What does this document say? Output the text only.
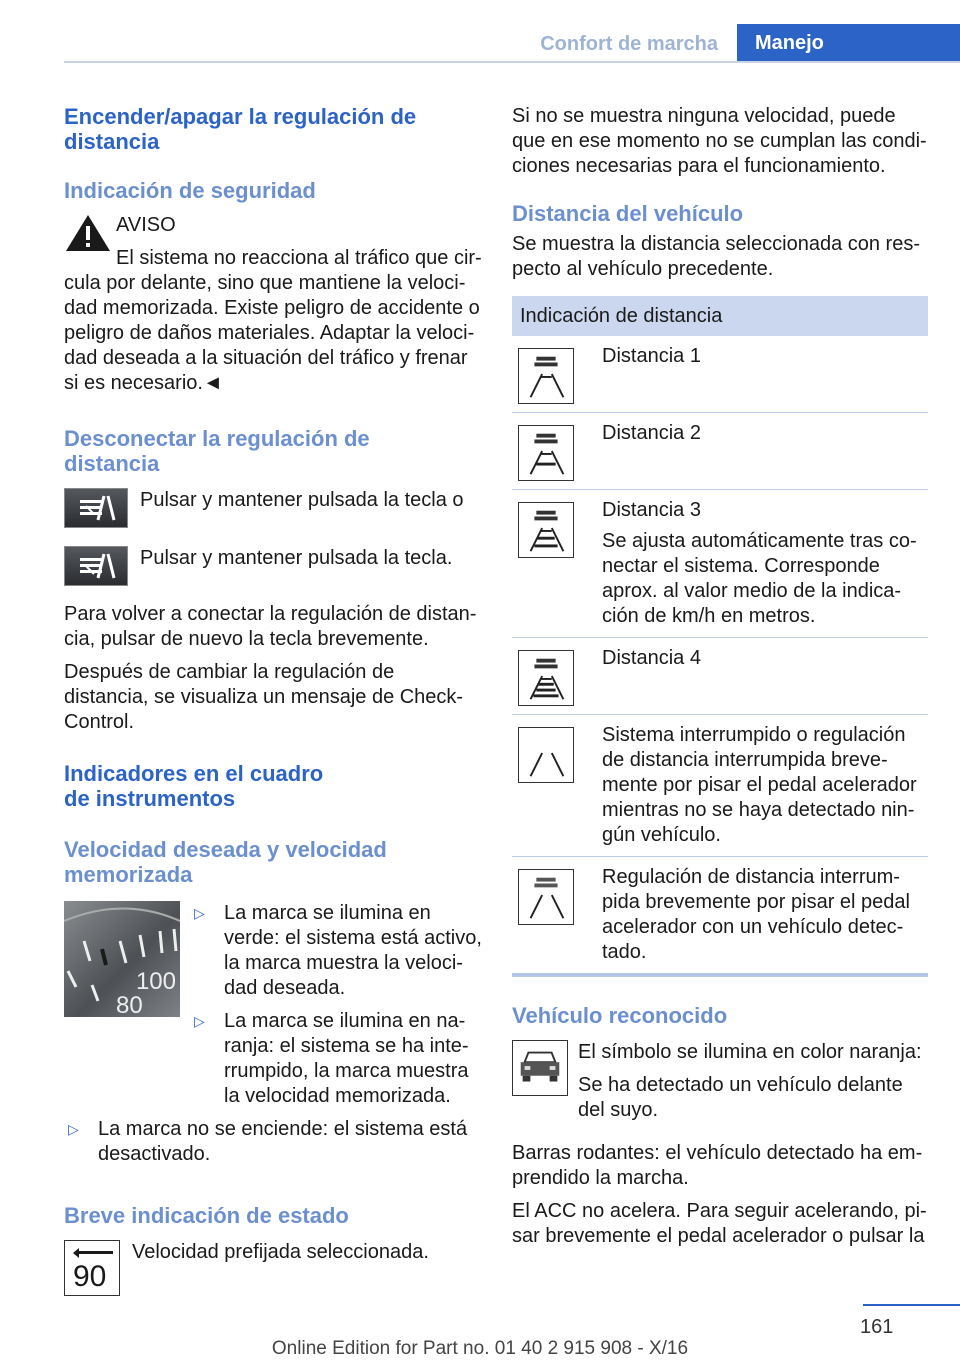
Confort de marcha	Manejo
Encender/apagar la regulación de distancia
Indicación de seguridad

AVISO

El sistema no reacciona al tráfico que cir-

cula por delante, sino que mantiene la veloci-dad memorizada. Existe peligro de accidente o peligro de daños materiales. Adaptar la veloci-dad deseada a la situación del tráfico y frenar si es necesario.◄

Desconectar la regulación de distancia

Pulsar y mantener pulsada la tecla o

Pulsar y mantener pulsada la tecla.

Para volver a conectar la regulación de distan-cia, pulsar de nuevo la tecla brevemente.

Después de cambiar la regulación de distancia, se visualiza un mensaje de Check-Control.

Indicadores en el cuadro de instrumentos
Velocidad deseada y velocidad memorizada
100
80
▷ La marca se ilumina en verde: el sistema está activo, la marca muestra la veloci-dad deseada.

▷ La marca se ilumina en na-ranja: el sistema se ha inte-rrumpido, la marca muestra la velocidad memorizada.

▷ La marca no se enciende: el sistema está desactivado.

Breve indicación de estado
90

Velocidad prefijada seleccionada.

Si no se muestra ninguna velocidad, puede que en ese momento no se cumplan las condi-ciones necesarias para el funcionamiento.

Distancia del vehículo

Se muestra la distancia seleccionada con res-pecto al vehículo precedente.

Indicación de distancia

Distancia 1

Distancia 2

Distancia 3

Se ajusta automáticamente tras co-nectar el sistema. Corresponde aprox. al valor medio de la indica-ción de km/h en metros.

Distancia 4

Sistema interrumpido o regulación de distancia interrumpida breve-mente por pisar el pedal acelerador mientras no se haya detectado nin-gún vehículo.

Regulación de distancia interrum-pida brevemente por pisar el pedal acelerador con un vehículo detec-tado.

Vehículo reconocido

El símbolo se ilumina en color naranja:

Se ha detectado un vehículo delante del suyo.

Barras rodantes: el vehículo detectado ha em-prendido la marcha.

El ACC no acelera. Para seguir acelerando, pi-sar brevemente el pedal acelerador o pulsar la

161
Online Edition for Part no. 01 40 2 915 908 - X/16
